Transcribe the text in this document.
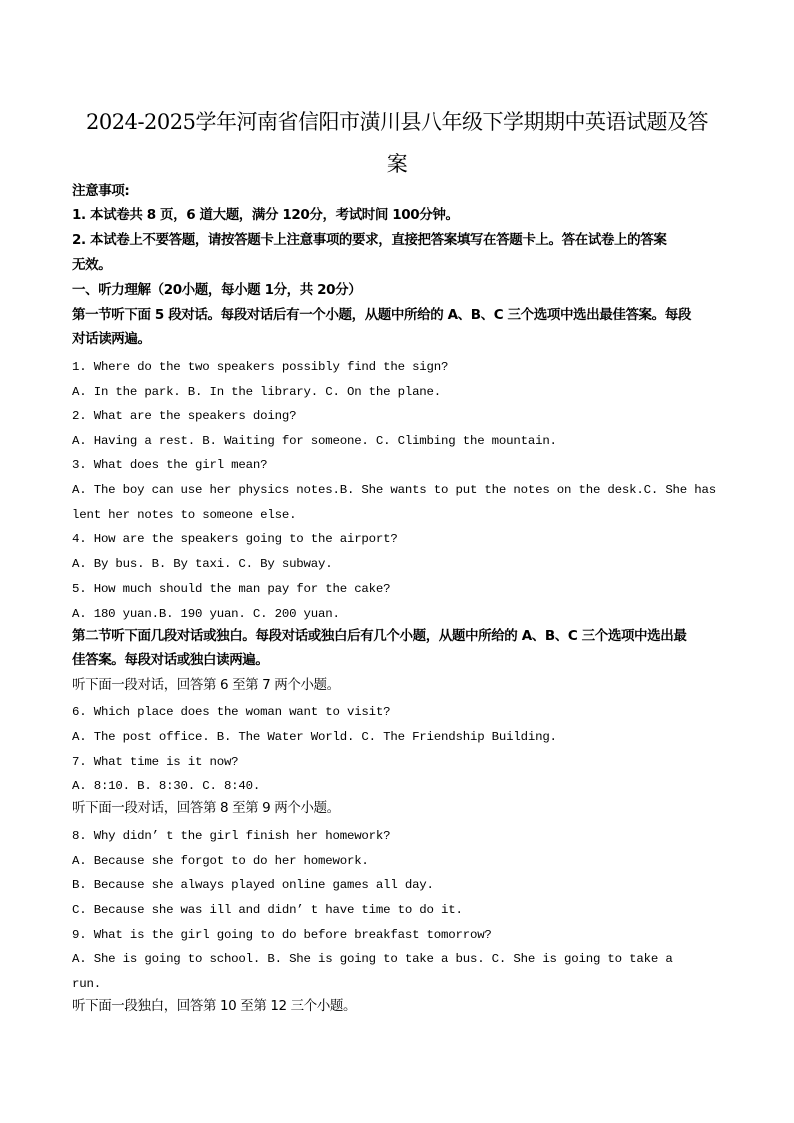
2024-2025学年河南省信阳市潢川县八年级下学期期中英语试题及答
案
注意事项:
1. 本试卷共 8 页，6 道大题，满分 120分，考试时间 100分钟。
2. 本试卷上不要答题，请按答题卡上注意事项的要求，直接把答案填写在答题卡上。答在试卷上的答案
无效。
一、听力理解（20小题，每小题 1分，共 20分）
第一节听下面 5 段对话。每段对话后有一个小题，从题中所给的 A、B、C 三个选项中选出最佳答案。每段
对话读两遍。
1. Where do the two speakers possibly find the sign?
A. In the park. B. In the library. C. On the plane.
2. What are the speakers doing?
A. Having a rest. B. Waiting for someone. C. Climbing the mountain.
3. What does the girl mean?
A. The boy can use her physics notes.B. She wants to put the notes on the desk.C. She has
lent her notes to someone else.
4. How are the speakers going to the airport?
A. By bus. B. By taxi. C. By subway.
5. How much should the man pay for the cake?
A. 180 yuan.B. 190 yuan. C. 200 yuan.
第二节听下面几段对话或独白。每段对话或独白后有几个小题，从题中所给的 A、B、C 三个选项中选出最
佳答案。每段对话或独白读两遍。
听下面一段对话，回答第 6 至第 7 两个小题。
6. Which place does the woman want to visit?
A. The post office. B. The Water World. C. The Friendship Building.
7. What time is it now?
A. 8:10. B. 8:30. C. 8:40.
听下面一段对话，回答第 8 至第 9 两个小题。
8. Why didn’ t the girl finish her homework?
A. Because she forgot to do her homework.
B. Because she always played online games all day.
C. Because she was ill and didn’ t have time to do it.
9. What is the girl going to do before breakfast tomorrow?
A. She is going to school. B. She is going to take a bus. C. She is going to take a
run.
听下面一段独白，回答第 10 至第 12 三个小题。
